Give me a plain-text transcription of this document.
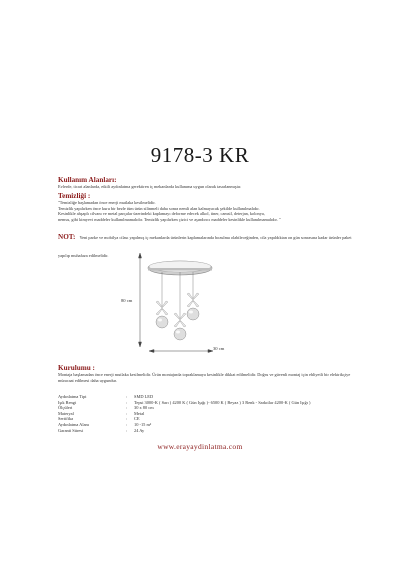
9178-3 KR
Kullanım Alanları:
Evlerde, ticari alanlarda, etkili aydınlatma gerektiren iç mekanlarda kullanıma uygun olarak tasarlanmıştır.
Temizliği :
"Temizliğe başlamadan önce enerji mutlaka kesilmelidir.
Temizlik yapılırken önce kuru bir bezle tüm ürün silinmeli daha sonra nemli alan kalmayacak şekilde kullanılmalıdır.
Kesinlikle ahşaplı cilvanı ve metal parçalar üzerindeki kaplamayı deforme edecek alkol, tiner, camsil, deterjan, kolonya,
nemsu, gibi kimyevi maddeler kullanılmamalıdır. Temizlik yapılırken çizici ve aşındırıcı maddeler kesinlikle kullanılmamalıdır. "
NOT: Yeni parke ve mobilya cilası yapılmış iç mekanlarda ürünlerin kaplamalarında bozulma olabileceğinden, cila yapıldıktan on gün sonrasına kadar ürünler paket yapılıp muhafaza edilmelidir.
80 cm
30 cm
Kurulumu :
Montaja başlamadan önce enerji mutlaka kesilmelidir. Ürün montajında topraklamaya kesinlikle dikkat edilmelidir. Doğru ve güvenli montaj için ehliyetli bir elektrikçiye müracaat edilmesi daha uygundur.
Aydınlatma Tipi	:	SMD LED
Işık Rengi	:	Tepsi 3000-K ( Sarı ) 4200 K ( Gün Işığı )- 6500 K ( Beyaz ) 3 Renk - Sarkıtlar 4200-K ( Gün Işığı )
Ölçüleri	:	30 x 80 cm
Materyal	:	Metal
Sertifika	:	CE
Aydınlatma Alanı	:	10 -15 m²
Garanti Süresi	:	24 Ay
www.erayaydinlatma.com
